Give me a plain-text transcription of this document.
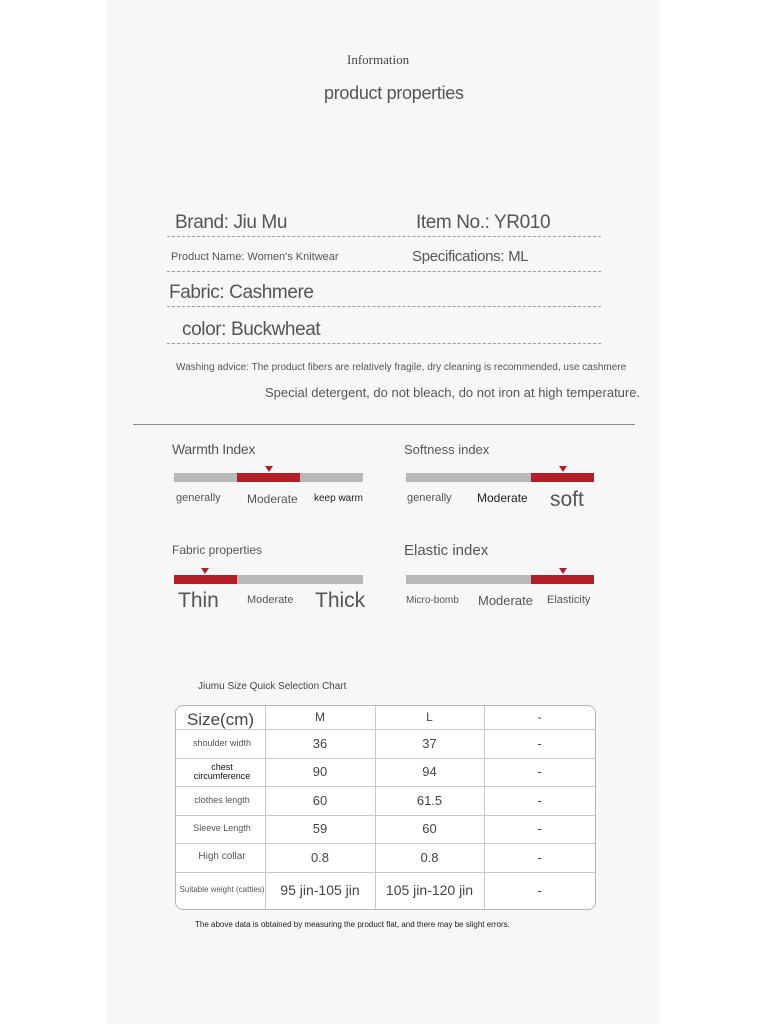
Information
product properties
Brand: Jiu Mu	Item No.: YR010
Product Name: Women's Knitwear	Specifications: ML
Fabric: Cashmere
color: Buckwheat
Washing advice: The product fibers are relatively fragile, dry cleaning is recommended, use cashmere
Special detergent, do not bleach, do not iron at high temperature.
Warmth Index
generally Moderate keep warm
Softness index
generally Moderate soft
Fabric properties
Thin	Moderate Thick
Elastic index
Micro-bomb Moderate Elasticity
Jiumu Size Quick Selection Chart
Size(cm)	M	L	-
shoulder width	36	37	-
chest circumference	90	94	-
clothes length	60	61.5	-
Sleeve Length	59	60	-
High collar	0.8	0.8	-
Suitable weight (catties)	95 jin-105 jin	105 jin-120 jin	-
The above data is obtained by measuring the product flat, and there may be slight errors.
